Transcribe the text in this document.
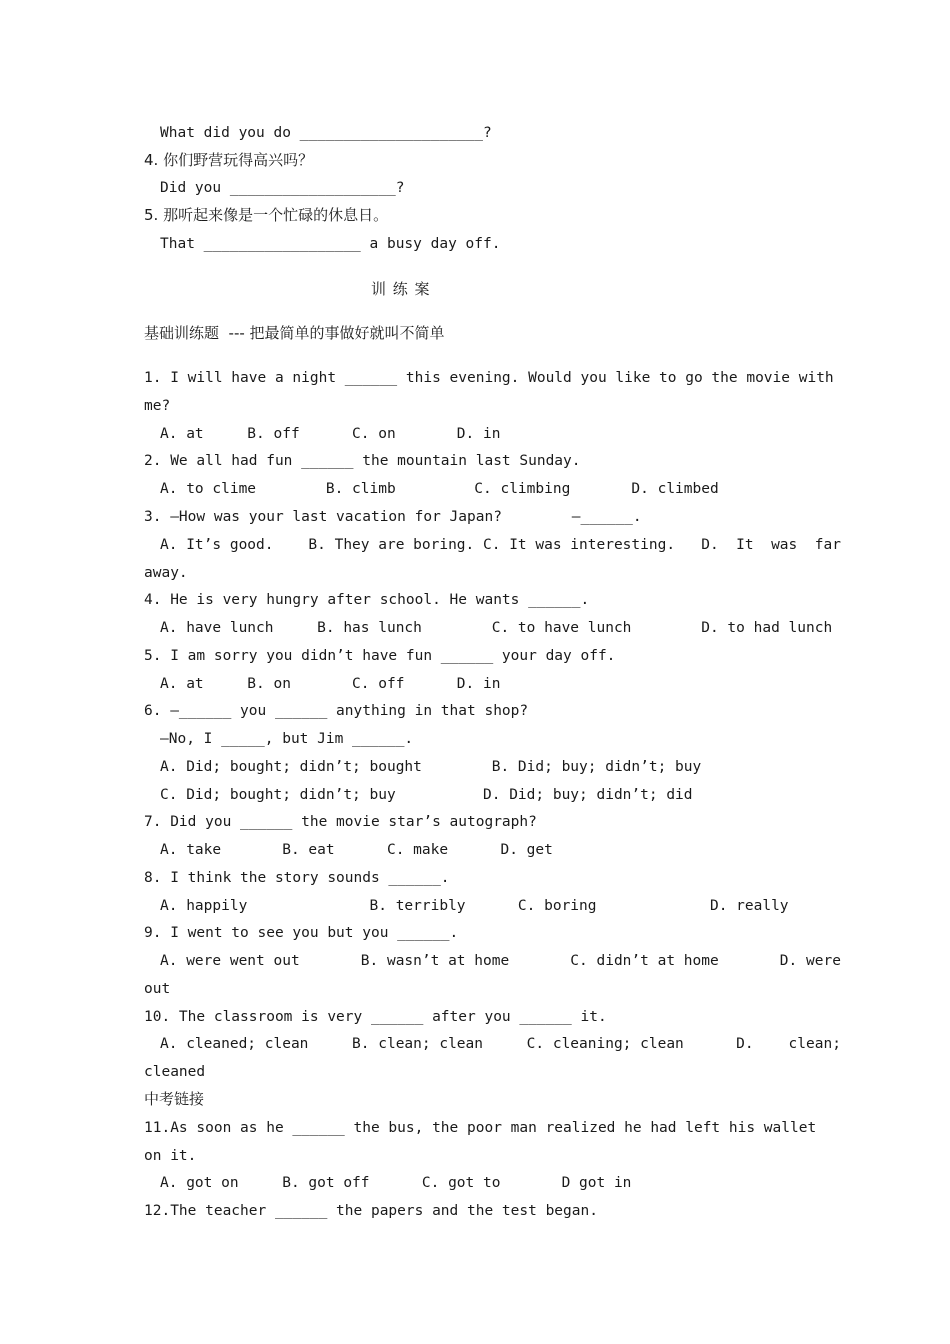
What did you do _____________________?
4. 你们野营玩得高兴吗？
Did you ___________________?
5. 那听起来像是一个忙碌的休息日。
That __________________ a busy day off.
训 练 案
基础训练题  --- 把最简单的事做好就叫不简单
1. I will have a night ______ this evening. Would you like to go the movie with
me?
A. at     B. off      C. on       D. in
2. We all had fun ______ the mountain last Sunday.
A. to clime        B. climb         C. climbing       D. climbed
3. —How was your last vacation for Japan?        —______.
A. It’s good.    B. They are boring. C. It was interesting.   D.  It  was  far
away.
4. He is very hungry after school. He wants ______.
A. have lunch     B. has lunch        C. to have lunch        D. to had lunch
5. I am sorry you didn’t have fun ______ your day off.
A. at     B. on       C. off      D. in
6. —______ you ______ anything in that shop?
—No, I _____, but Jim ______.
A. Did; bought; didn’t; bought        B. Did; buy; didn’t; buy
C. Did; bought; didn’t; buy          D. Did; buy; didn’t; did
7. Did you ______ the movie star’s autograph?
A. take       B. eat      C. make      D. get
8. I think the story sounds ______.
A. happily              B. terribly      C. boring             D. really
9. I went to see you but you ______.
A. were went out       B. wasn’t at home       C. didn’t at home       D. were
out
10. The classroom is very ______ after you ______ it.
A. cleaned; clean     B. clean; clean     C. cleaning; clean      D.    clean;
cleaned
中考链接
11.As soon as he ______ the bus, the poor man realized he had left his wallet
on it.
A. got on     B. got off      C. got to       D got in
12.The teacher ______ the papers and the test began.
